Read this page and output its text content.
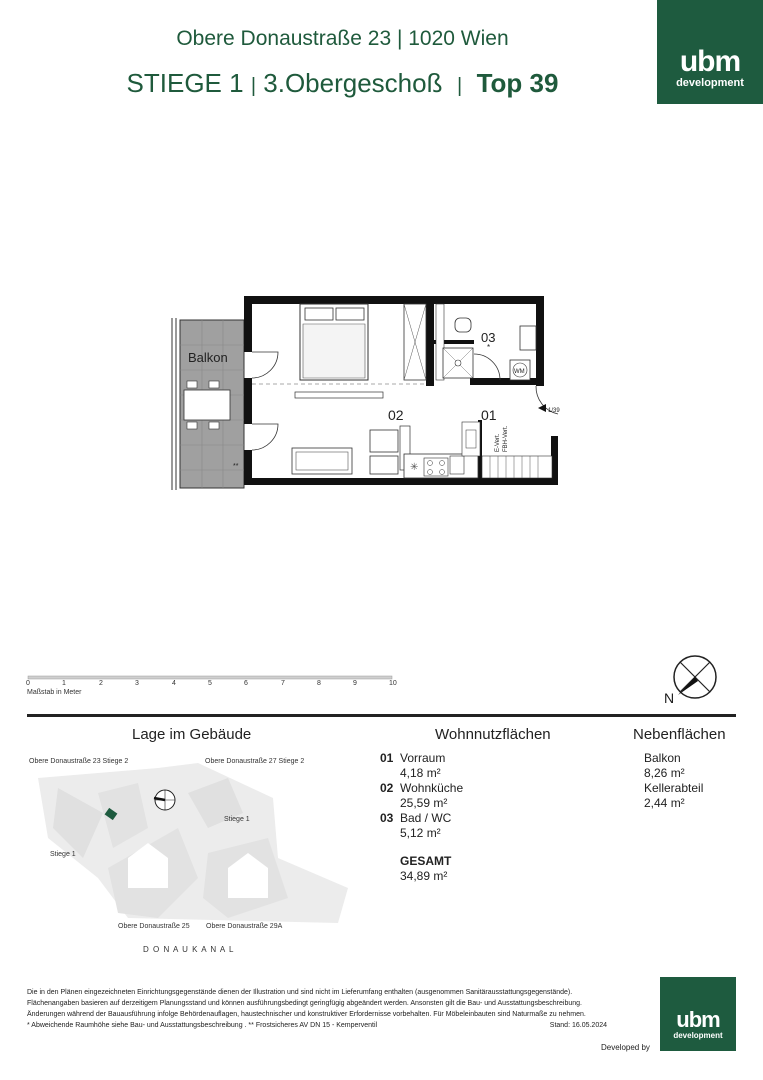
Obere Donaustraße 23 | 1020 Wien
STIEGE 1 | 3.Obergeschoß | Top 39
ubm
development
Balkon
**
WM
03
*
✳
1/39
02	01
E-Vert. FBH-Vert.
0	1	2	3	4	5	6	7	8	9	10
Maßstab in Meter	N
Lage im Gebäude
Obere Donaustraße 23 Stiege 2	Obere Donaustraße 27 Stiege 2
Stiege 1
Stiege 1
Obere Donaustraße 25 Obere Donaustraße 29A
D O N A U K A N A L
Wohnnutzflächen
01 Vorraum
4,18 m²
02 Wohnküche
25,59 m²
03 Bad / WC
5,12 m²
GESAMT
34,89 m²
Nebenflächen
Balkon
8,26 m²
Kellerabteil
2,44 m²
Die in den Plänen eingezeichneten Einrichtungsgegenstände dienen der Illustration und sind nicht im Lieferumfang enthalten (ausgenommen Sanitärausstattungsgegenstände).
Flächenangaben basieren auf derzeitigem Planungsstand und können ausführungsbedingt geringfügig abgeändert werden. Ansonsten gilt die Bau- und Ausstattungsbeschreibung.
Änderungen während der Bauausführung infolge Behördenauflagen, haustechnischer und konstruktiver Erfordernisse vorbehalten. Für Möbeleinbauten sind Naturmaße zu nehmen.
* Abweichende Raumhöhe siehe Bau- und Ausstattungsbeschreibung . ** Frostsicheres AV DN 15 - Kemperventil	Stand: 16.05.2024	ubm
development
Developed by
